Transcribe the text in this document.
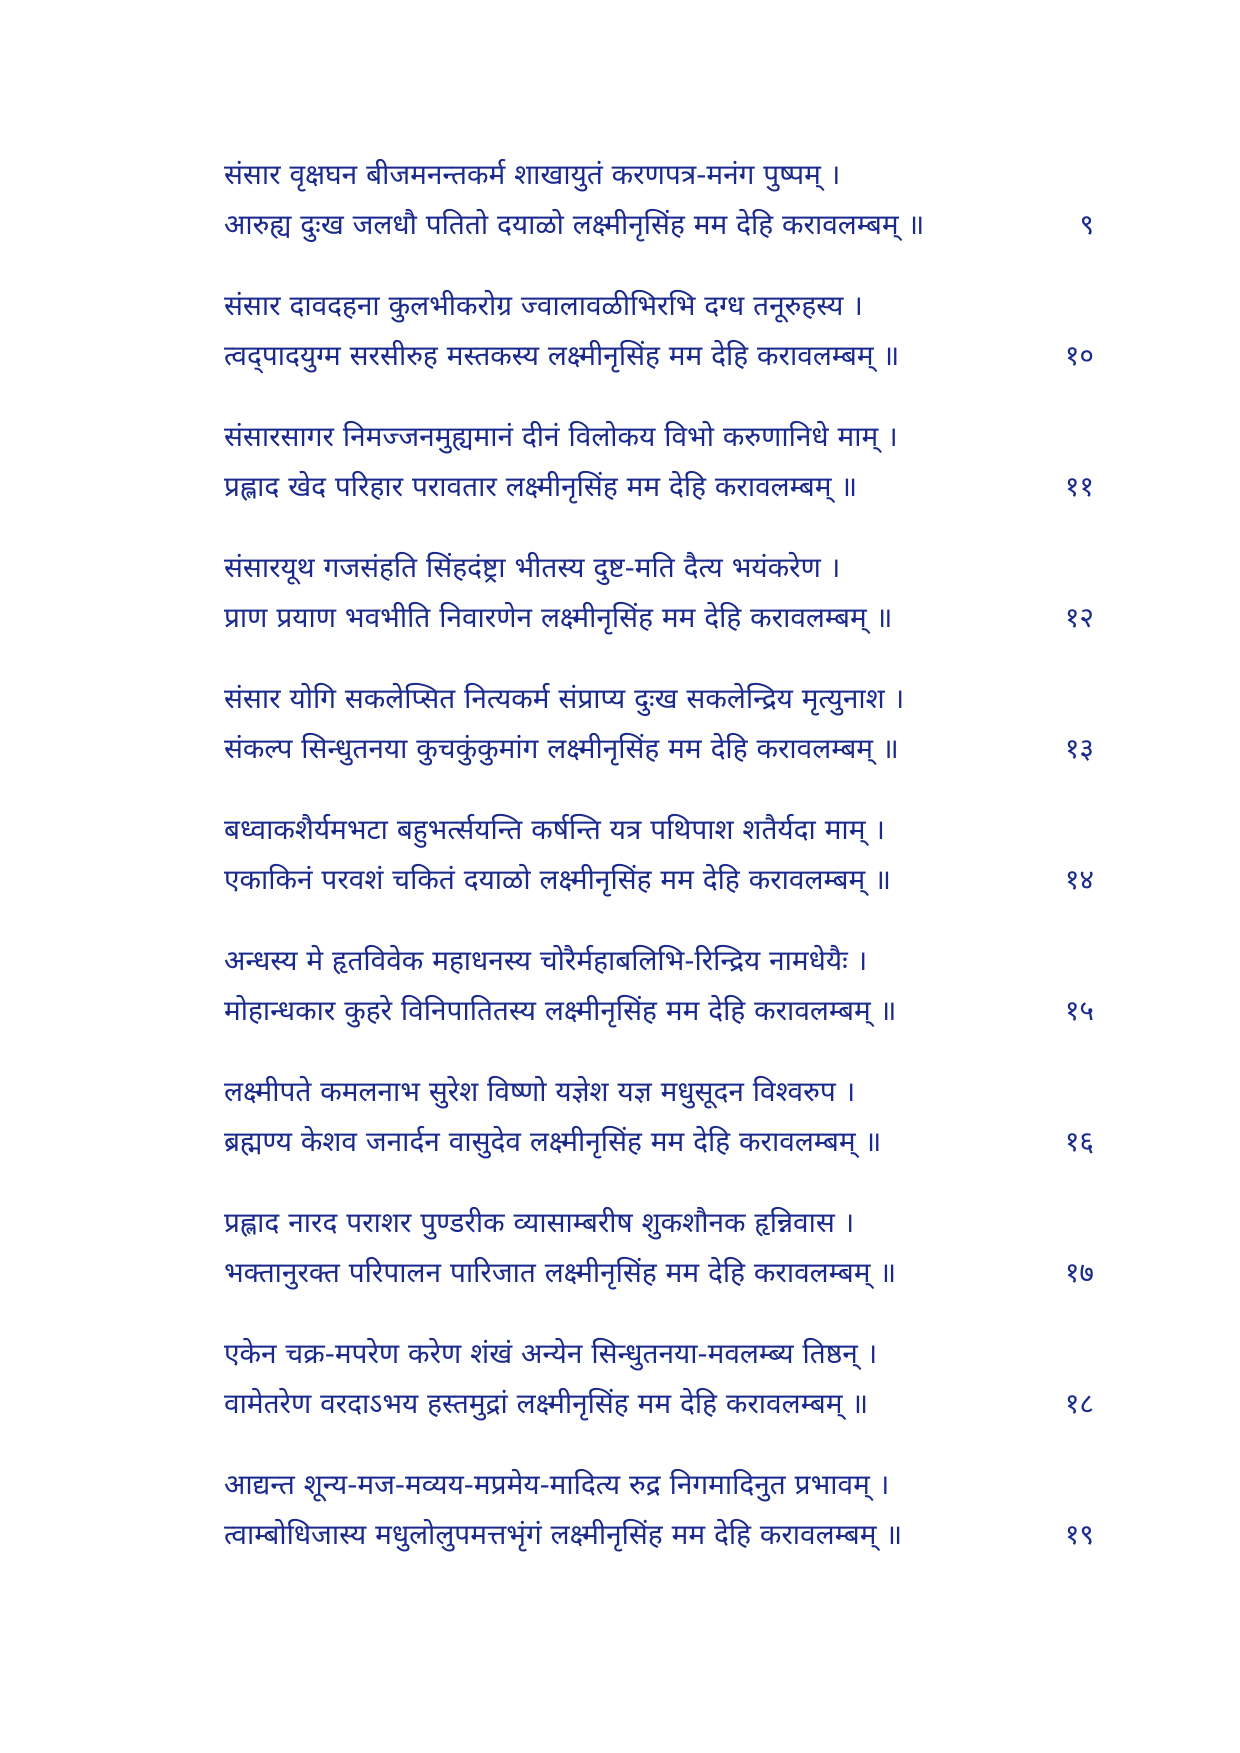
संसार वृक्षघन बीजमनन्तकर्म शाखायुतं करणपत्र-मनंग पुष्पम् ।
आरुह्य दुःख जलधौ पतितो दयाळो लक्ष्मीनृसिंह मम देहि करावलम्बम् ॥	९
संसार दावदहना कुलभीकरोग्र ज्वालावळीभिरभि दग्ध तनूरुहस्य ।
त्वद्पादयुग्म सरसीरुह मस्तकस्य लक्ष्मीनृसिंह मम देहि करावलम्बम् ॥	१०
संसारसागर निमज्जनमुह्यमानं दीनं विलोकय विभो करुणानिधे माम् ।
प्रह्लाद खेद परिहार परावतार लक्ष्मीनृसिंह मम देहि करावलम्बम् ॥	११
संसारयूथ गजसंहति सिंहदंष्ट्रा भीतस्य दुष्ट-मति दैत्य भयंकरेण ।
प्राण प्रयाण भवभीति निवारणेन लक्ष्मीनृसिंह मम देहि करावलम्बम् ॥	१२
संसार योगि सकलेप्सित नित्यकर्म संप्राप्य दुःख सकलेन्द्रिय मृत्युनाश ।
संकल्प सिन्धुतनया कुचकुंकुमांग लक्ष्मीनृसिंह मम देहि करावलम्बम् ॥	१३
बध्वाकशैर्यमभटा बहुभर्त्सयन्ति कर्षन्ति यत्र पथिपाश शतैर्यदा माम् ।
एकाकिनं परवशं चकितं दयाळो लक्ष्मीनृसिंह मम देहि करावलम्बम् ॥	१४
अन्धस्य मे हृतविवेक महाधनस्य चोरैर्महाबलिभि-रिन्द्रिय नामधेयैः ।
मोहान्धकार कुहरे विनिपातितस्य लक्ष्मीनृसिंह मम देहि करावलम्बम् ॥	१५
लक्ष्मीपते कमलनाभ सुरेश विष्णो यज्ञेश यज्ञ मधुसूदन विश्वरुप ।
ब्रह्मण्य केशव जनार्दन वासुदेव लक्ष्मीनृसिंह मम देहि करावलम्बम् ॥	१६
प्रह्लाद नारद पराशर पुण्डरीक व्यासाम्बरीष शुकशौनक हृन्निवास ।
भक्तानुरक्त परिपालन पारिजात लक्ष्मीनृसिंह मम देहि करावलम्बम् ॥	१७
एकेन चक्र-मपरेण करेण शंखं अन्येन सिन्धुतनया-मवलम्ब्य तिष्ठन् ।
वामेतरेण वरदाऽभय हस्तमुद्रां लक्ष्मीनृसिंह मम देहि करावलम्बम् ॥	१८
आद्यन्त शून्य-मज-मव्यय-मप्रमेय-मादित्य रुद्र निगमादिनुत प्रभावम् ।
त्वाम्बोधिजास्य मधुलोलुपमत्तभृंगं लक्ष्मीनृसिंह मम देहि करावलम्बम् ॥	१९
